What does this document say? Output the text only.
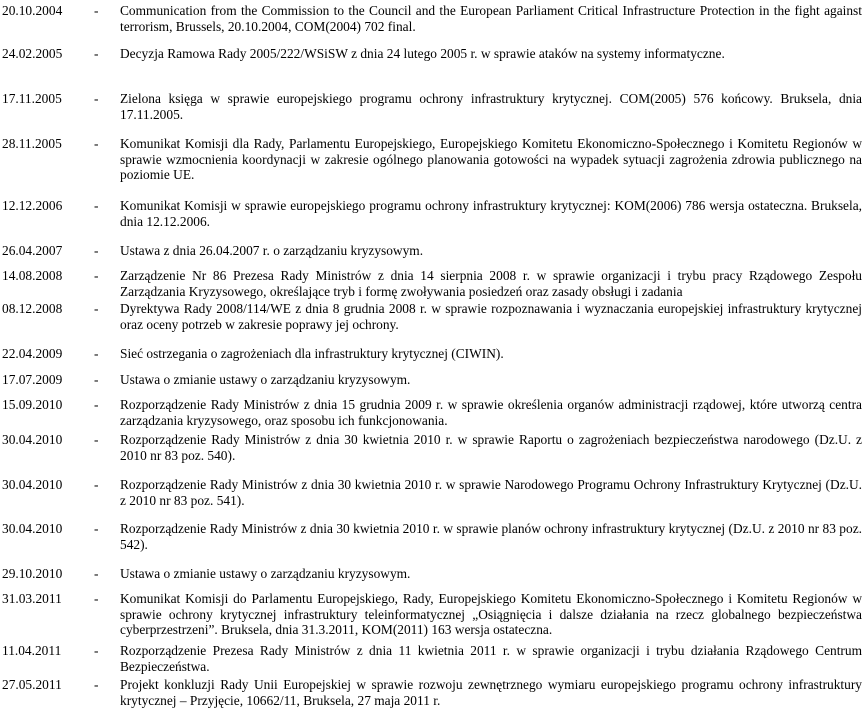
20.10.2004 - Communication from the Commission to the Council and the European Parliament Critical Infrastructure Protection in the fight against terrorism, Brussels, 20.10.2004, COM(2004) 702 final.
24.02.2005 - Decyzja Ramowa Rady 2005/222/WSiSW z dnia 24 lutego 2005 r. w sprawie ataków na systemy informatyczne.
17.11.2005 - Zielona księga w sprawie europejskiego programu ochrony infrastruktury krytycznej. COM(2005) 576 końcowy. Bruksela, dnia 17.11.2005.
28.11.2005 - Komunikat Komisji dla Rady, Parlamentu Europejskiego, Europejskiego Komitetu Ekonomiczno-Społecznego i Komitetu Regionów w sprawie wzmocnienia koordynacji w zakresie ogólnego planowania gotowości na wypadek sytuacji zagrożenia zdrowia publicznego na poziomie UE.
12.12.2006 - Komunikat Komisji w sprawie europejskiego programu ochrony infrastruktury krytycznej: KOM(2006) 786 wersja ostateczna. Bruksela, dnia 12.12.2006.
26.04.2007 - Ustawa z dnia 26.04.2007 r. o zarządzaniu kryzysowym.
14.08.2008 - Zarządzenie Nr 86 Prezesa Rady Ministrów z dnia 14 sierpnia 2008 r. w sprawie organizacji i trybu pracy Rządowego Zespołu Zarządzania Kryzysowego, określające tryb i formę zwoływania posiedzeń oraz zasady obsługi i zadania
08.12.2008 - Dyrektywa Rady 2008/114/WE z dnia 8 grudnia 2008 r. w sprawie rozpoznawania i wyznaczania europejskiej infrastruktury krytycznej oraz oceny potrzeb w zakresie poprawy jej ochrony.
22.04.2009 - Sieć ostrzegania o zagrożeniach dla infrastruktury krytycznej (CIWIN).
17.07.2009 - Ustawa o zmianie ustawy o zarządzaniu kryzysowym.
15.09.2010 - Rozporządzenie Rady Ministrów z dnia 15 grudnia 2009 r. w sprawie określenia organów administracji rządowej, które utworzą centra zarządzania kryzysowego, oraz sposobu ich funkcjonowania.
30.04.2010 - Rozporządzenie Rady Ministrów z dnia 30 kwietnia 2010 r. w sprawie Raportu o zagrożeniach bezpieczeństwa narodowego (Dz.U. z 2010 nr 83 poz. 540).
30.04.2010 - Rozporządzenie Rady Ministrów z dnia 30 kwietnia 2010 r. w sprawie Narodowego Programu Ochrony Infrastruktury Krytycznej (Dz.U. z 2010 nr 83 poz. 541).
30.04.2010 - Rozporządzenie Rady Ministrów z dnia 30 kwietnia 2010 r. w sprawie planów ochrony infrastruktury krytycznej (Dz.U. z 2010 nr 83 poz. 542).
29.10.2010 - Ustawa o zmianie ustawy o zarządzaniu kryzysowym.
31.03.2011 - Komunikat Komisji do Parlamentu Europejskiego, Rady, Europejskiego Komitetu Ekonomiczno-Społecznego i Komitetu Regionów w sprawie ochrony krytycznej infrastruktury teleinformatycznej „Osiągnięcia i dalsze działania na rzecz globalnego bezpieczeństwa cyberprzestrzeni”. Bruksela, dnia 31.3.2011, KOM(2011) 163 wersja ostateczna.
11.04.2011 - Rozporządzenie Prezesa Rady Ministrów z dnia 11 kwietnia 2011 r. w sprawie organizacji i trybu działania Rządowego Centrum Bezpieczeństwa.
27.05.2011 - Projekt konkluzji Rady Unii Europejskiej w sprawie rozwoju zewnętrznego wymiaru europejskiego programu ochrony infrastruktury krytycznej – Przyjęcie, 10662/11, Bruksela, 27 maja 2011 r.
